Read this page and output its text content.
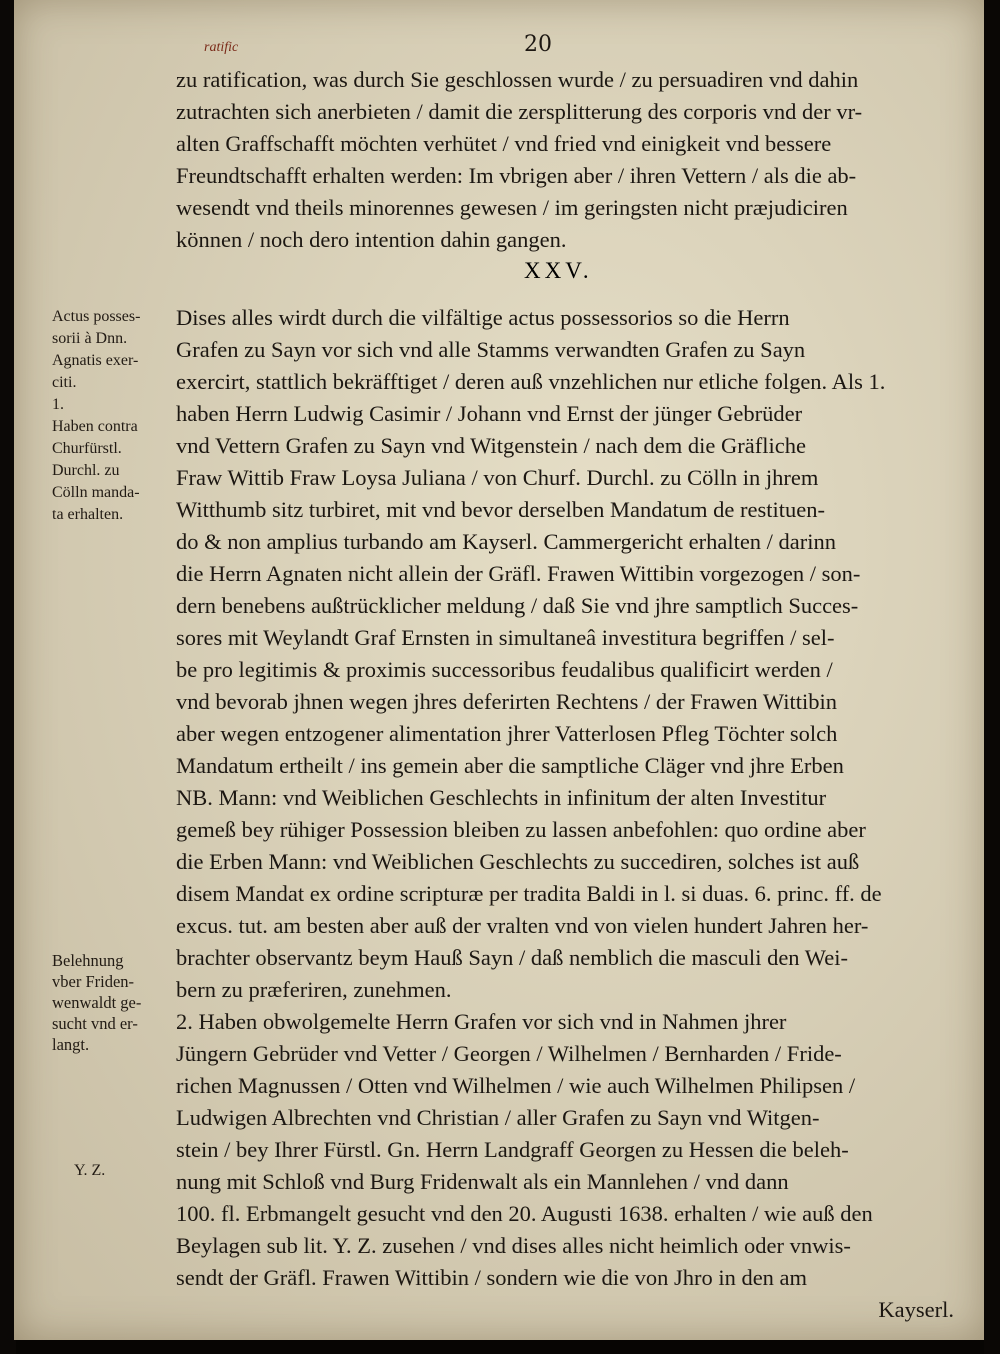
20
ratific
zu ratification, was durch Sie geschlossen wurde / zu persuadiren vnd dahin
zutrachten sich anerbieten / damit die zersplitterung des corporis vnd der vr-
alten Graffschafft möchten verhütet / vnd fried vnd einigkeit vnd bessere
Freundtschafft erhalten werden: Im vbrigen aber / ihren Vettern / als die ab-
wesendt vnd theils minorennes gewesen / im geringsten nicht præjudiciren
können / noch dero intention dahin gangen.
XXV.
Dises alles wirdt durch die vilfältige actus possessorios so die Herrn
Grafen zu Sayn vor sich vnd alle Stamms verwandten Grafen zu Sayn
exercirt, stattlich bekräfftiget / deren auß vnzehlichen nur etliche folgen. Als 1.
haben Herrn Ludwig Casimir / Johann vnd Ernst der jünger Gebrüder
vnd Vettern Grafen zu Sayn vnd Witgenstein / nach dem die Gräfliche
Fraw Wittib Fraw Loysa Juliana / von Churf. Durchl. zu Cölln in jhrem
Witthumb sitz turbiret, mit vnd bevor derselben Mandatum de restituen-
do & non amplius turbando am Kayserl. Cammergericht erhalten / darinn
die Herrn Agnaten nicht allein der Gräfl. Frawen Wittibin vorgezogen / son-
dern benebens außtrücklicher meldung / daß Sie vnd jhre samptlich Succes-
sores mit Weylandt Graf Ernsten in simultaneâ investitura begriffen / sel-
be pro legitimis & proximis successoribus feudalibus qualificirt werden /
vnd bevorab jhnen wegen jhres deferirten Rechtens / der Frawen Wittibin
aber wegen entzogener alimentation jhrer Vatterlosen Pfleg Töchter solch
Mandatum ertheilt / ins gemein aber die samptliche Cläger vnd jhre Erben
NB. Mann: vnd Weiblichen Geschlechts in infinitum der alten Investitur
gemeß bey rühiger Possession bleiben zu lassen anbefohlen: quo ordine aber
die Erben Mann: vnd Weiblichen Geschlechts zu succediren, solches ist auß
disem Mandat ex ordine scripturæ per tradita Baldi in l. si duas. 6. princ. ff. de
excus. tut. am besten aber auß der vralten vnd von vielen hundert Jahren her-
brachter observantz beym Hauß Sayn / daß nemblich die masculi den Wei-
bern zu præferiren, zunehmen.
2. Haben obwolgemelte Herrn Grafen vor sich vnd in Nahmen jhrer
Jüngern Gebrüder vnd Vetter / Georgen / Wilhelmen / Bernharden / Fride-
richen Magnussen / Otten vnd Wilhelmen / wie auch Wilhelmen Philipsen /
Ludwigen Albrechten vnd Christian / aller Grafen zu Sayn vnd Witgen-
stein / bey Ihrer Fürstl. Gn. Herrn Landgraff Georgen zu Hessen die beleh-
nung mit Schloß vnd Burg Fridenwalt als ein Mannlehen / vnd dann
100. fl. Erbmangelt gesucht vnd den 20. Augusti 1638. erhalten / wie auß den
Beylagen sub lit. Y. Z. zusehen / vnd dises alles nicht heimlich oder vnwis-
sendt der Gräfl. Frawen Wittibin / sondern wie die von Jhro in den am
Kayserl.
Actus posses-
sorii à Dnn.
Agnatis exer-
citi.
1.
Haben contra
Churfürstl.
Durchl. zu
Cölln manda-
ta erhalten.
Belehnung
vber Friden-
wenwaldt ge-
sucht vnd er-
langt.
Y. Z.
